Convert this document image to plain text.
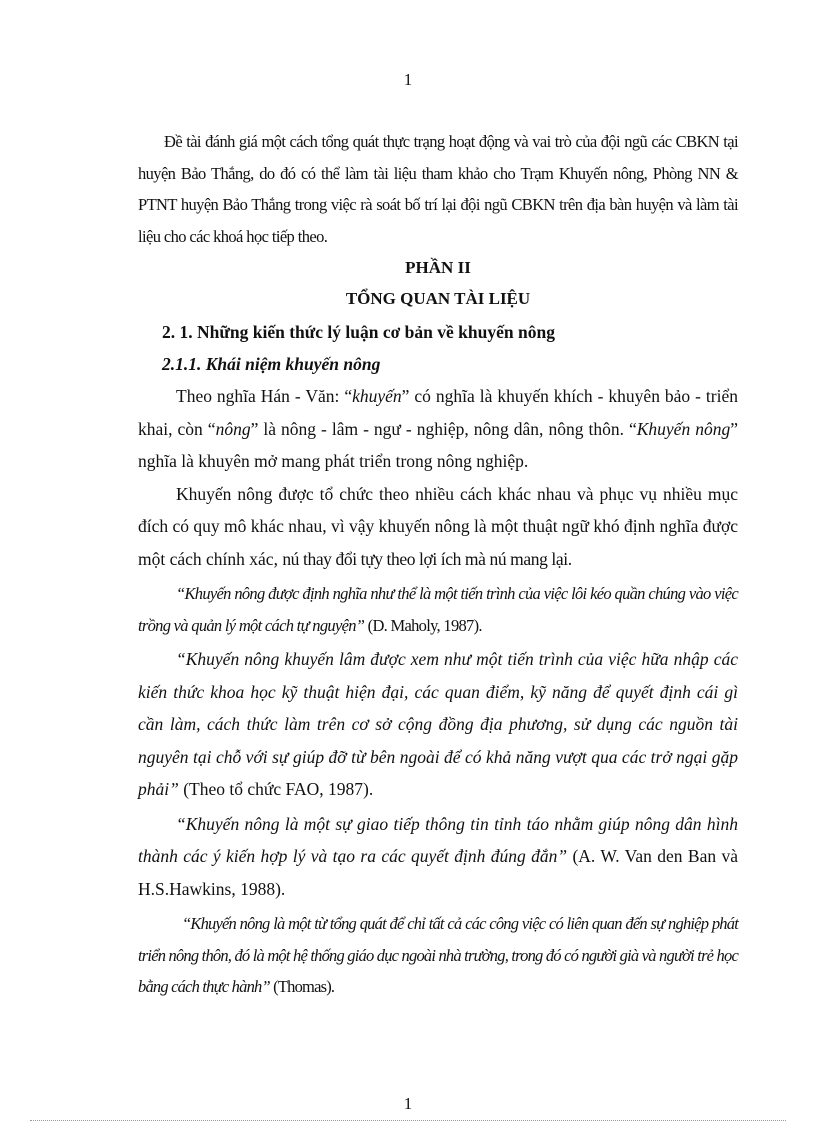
1

Đề tài đánh giá một cách tổng quát thực trạng hoạt động và vai trò của đội ngũ các CBKN tại huyện Bảo Thắng, do đó có thể làm tài liệu tham khảo cho Trạm Khuyến nông, Phòng NN & PTNT huyện Bảo Thắng trong việc rà soát bố trí lại đội ngũ CBKN trên địa bàn huyện và làm tài liệu cho các khoá học tiếp theo.

PHẦN II
TỔNG QUAN TÀI LIỆU
2. 1. Những kiến thức lý luận cơ bản về khuyến nông
2.1.1. Khái niệm khuyến nông

Theo nghĩa Hán - Văn: “khuyến” có nghĩa là khuyến khích - khuyên bảo - triển khai, còn “nông” là nông - lâm - ngư - nghiệp, nông dân, nông thôn. “Khuyến nông” nghĩa là khuyên mở mang phát triển trong nông nghiệp.

Khuyến nông được tổ chức theo nhiều cách khác nhau và phục vụ nhiều mục đích có quy mô khác nhau, vì vậy khuyến nông là một thuật ngữ khó định nghĩa được một cách chính xác, nú thay đổi tựy theo lợi ích mà nú mang lại.

“Khuyến nông được định nghĩa như thể là một tiến trình của việc lôi kéo quần chúng vào việc trồng và quản lý một cách tự nguyện” (D. Maholy, 1987).

“Khuyến nông khuyến lâm được xem như một tiến trình của việc hữa nhập các kiến thức khoa học kỹ thuật hiện đại, các quan điểm, kỹ năng để quyết định cái gì cần làm, cách thức làm trên cơ sở cộng đồng địa phương, sử dụng các nguồn tài nguyên tại chỗ với sự giúp đỡ từ bên ngoài để có khả năng vượt qua các trở ngại gặp phải” (Theo tổ chức FAO, 1987).

“Khuyến nông là một sự giao tiếp thông tin tỉnh táo nhằm giúp nông dân hình thành các ý kiến hợp lý và tạo ra các quyết định đúng đắn” (A. W. Van den Ban và H.S.Hawkins, 1988).

“Khuyến nông là một từ tổng quát để chỉ tất cả các công việc có liên quan đến sự nghiệp phát triển nông thôn, đó là một hệ thống giáo dục ngoài nhà trường, trong đó có người già và người trẻ học bằng cách thực hành” (Thomas).

1
